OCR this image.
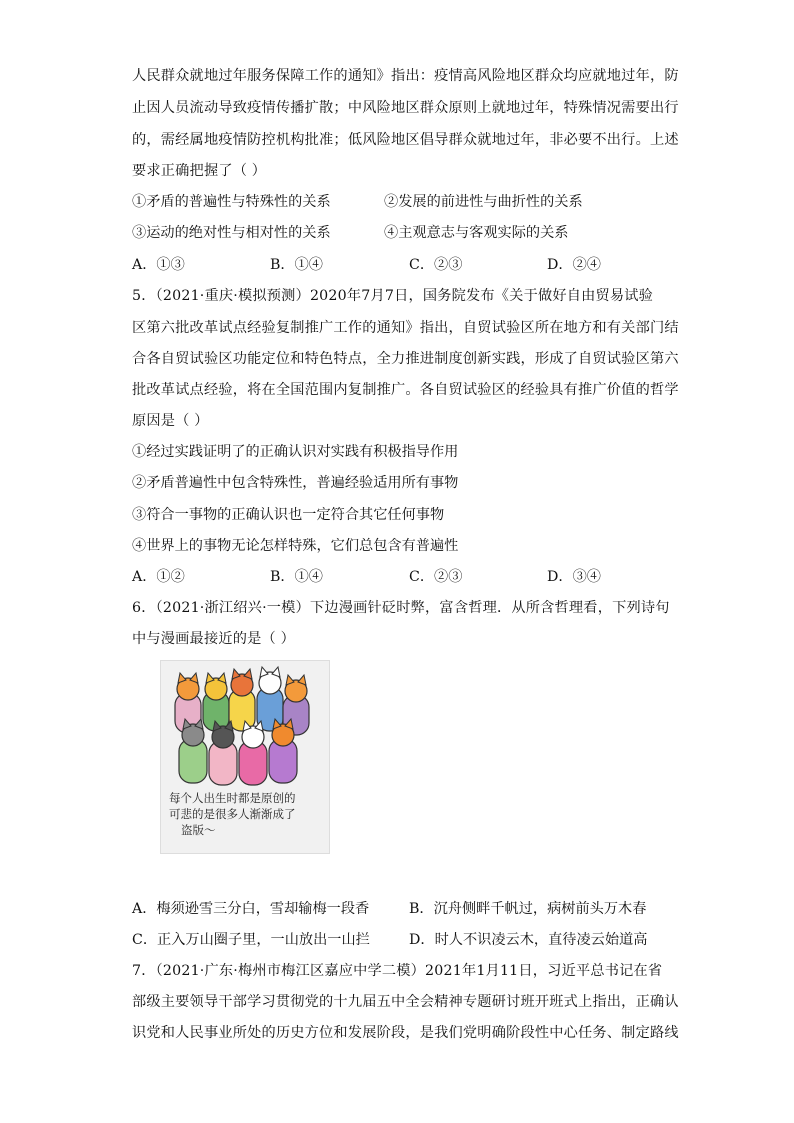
人民群众就地过年服务保障工作的通知》指出：疫情高风险地区群众均应就地过年，防
止因人员流动导致疫情传播扩散；中风险地区群众原则上就地过年，特殊情况需要出行
的，需经属地疫情防控机构批准；低风险地区倡导群众就地过年，非必要不出行。上述
要求正确把握了（ ）
①矛盾的普遍性与特殊性的关系	②发展的前进性与曲折性的关系
③运动的绝对性与相对性的关系	④主观意志与客观实际的关系
A．①③	B．①④	C．②③	D．②④
5．（2021·重庆·模拟预测）2020年7月7日，国务院发布《关于做好自由贸易试验
区第六批改革试点经验复制推广工作的通知》指出，自贸试验区所在地方和有关部门结
合各自贸试验区功能定位和特色特点，全力推进制度创新实践，形成了自贸试验区第六
批改革试点经验，将在全国范围内复制推广。各自贸试验区的经验具有推广价值的哲学
原因是（ ）
①经过实践证明了的正确认识对实践有积极指导作用
②矛盾普遍性中包含特殊性，普遍经验适用所有事物
③符合一事物的正确认识也一定符合其它任何事物
④世界上的事物无论怎样特殊，它们总包含有普遍性
A．①②	B．①④	C．②③	D．③④
6．（2021·浙江绍兴·一模）下边漫画针砭时弊，富含哲理．从所含哲理看，下列诗句
中与漫画最接近的是（ ）
每个人出生时都是原创的
可悲的是很多人渐渐成了
盗版～
A．梅须逊雪三分白，雪却输梅一段香	B．沉舟侧畔千帆过，病树前头万木春
C．正入万山圈子里，一山放出一山拦	D．时人不识凌云木，直待凌云始道高
7．（2021·广东·梅州市梅江区嘉应中学二模）2021年1月11日，习近平总书记在省
部级主要领导干部学习贯彻党的十九届五中全会精神专题研讨班开班式上指出，正确认
识党和人民事业所处的历史方位和发展阶段，是我们党明确阶段性中心任务、制定路线
